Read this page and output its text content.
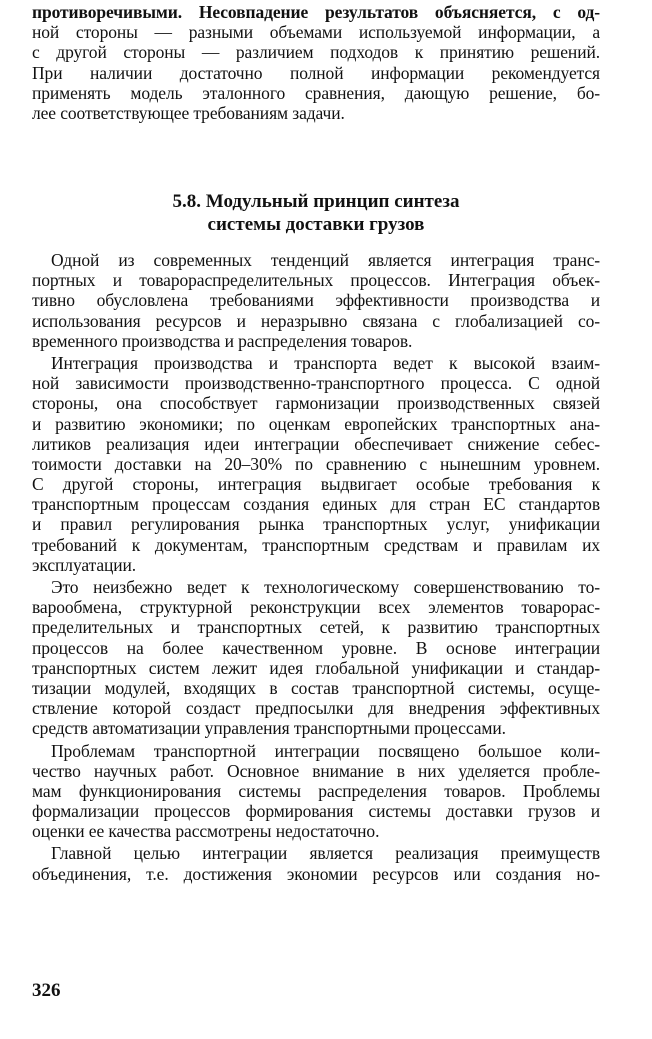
противоречивыми. Несовпадение результатов объясняется, с од-
ной стороны — разными объемами используемой информации, а
с другой стороны — различием подходов к принятию решений.
При наличии достаточно полной информации рекомендуется
применять модель эталонного сравнения, дающую решение, бо-
лее соответствующее требованиям задачи.
5.8. Модульный принцип синтеза
системы доставки грузов
Одной из современных тенденций является интеграция транс-
портных и товарораспределительных процессов. Интеграция объек-
тивно обусловлена требованиями эффективности производства и
использования ресурсов и неразрывно связана с глобализацией со-
временного производства и распределения товаров.
Интеграция производства и транспорта ведет к высокой взаим-
ной зависимости производственно-транспортного процесса. С одной
стороны, она способствует гармонизации производственных связей
и развитию экономики; по оценкам европейских транспортных ана-
литиков реализация идеи интеграции обеспечивает снижение себес-
тоимости доставки на 20–30% по сравнению с нынешним уровнем.
С другой стороны, интеграция выдвигает особые требования к
транспортным процессам создания единых для стран ЕС стандартов
и правил регулирования рынка транспортных услуг, унификации
требований к документам, транспортным средствам и правилам их
эксплуатации.
Это неизбежно ведет к технологическому совершенствованию то-
варообмена, структурной реконструкции всех элементов товарорас-
пределительных и транспортных сетей, к развитию транспортных
процессов на более качественном уровне. В основе интеграции
транспортных систем лежит идея глобальной унификации и стандар-
тизации модулей, входящих в состав транспортной системы, осуще-
ствление которой создаст предпосылки для внедрения эффективных
средств автоматизации управления транспортными процессами.
Проблемам транспортной интеграции посвящено большое коли-
чество научных работ. Основное внимание в них уделяется пробле-
мам функционирования системы распределения товаров. Проблемы
формализации процессов формирования системы доставки грузов и
оценки ее качества рассмотрены недостаточно.
Главной целью интеграции является реализация преимуществ
объединения, т.е. достижения экономии ресурсов или создания но-
326
